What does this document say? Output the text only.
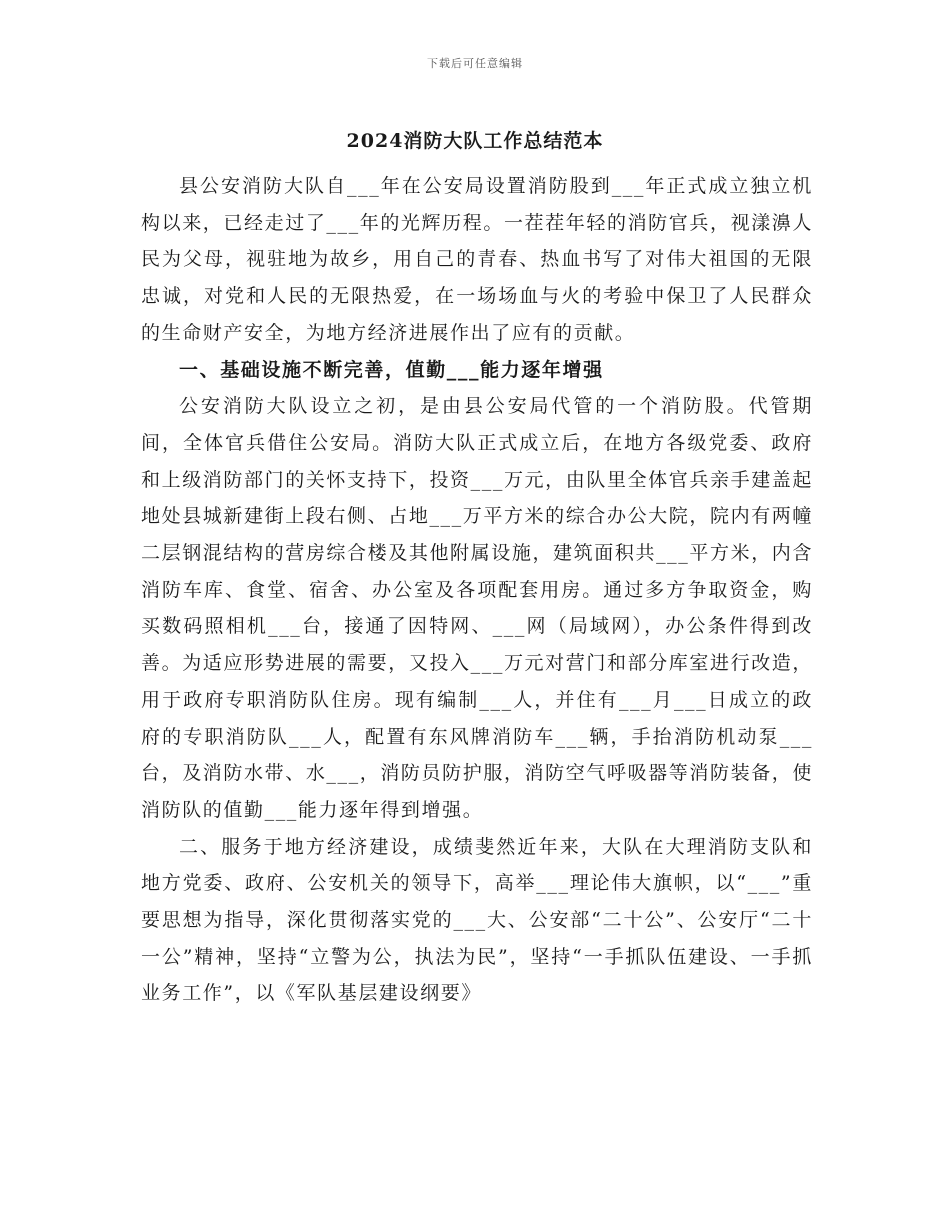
下载后可任意编辑
2024消防大队工作总结范本

县公安消防大队自___年在公安局设置消防股到___年正式成立独立机构以来，已经走过了___年的光辉历程。一茬茬年轻的消防官兵，视漾濞人民为父母，视驻地为故乡，用自己的青春、热血书写了对伟大祖国的无限忠诚，对党和人民的无限热爱，在一场场血与火的考验中保卫了人民群众的生命财产安全，为地方经济进展作出了应有的贡献。

一、基础设施不断完善，值勤___能力逐年增强

公安消防大队设立之初，是由县公安局代管的一个消防股。代管期间，全体官兵借住公安局。消防大队正式成立后，在地方各级党委、政府和上级消防部门的关怀支持下，投资___万元，由队里全体官兵亲手建盖起地处县城新建街上段右侧、占地___万平方米的综合办公大院，院内有两幢二层钢混结构的营房综合楼及其他附属设施，建筑面积共___平方米，内含消防车库、食堂、宿舍、办公室及各项配套用房。通过多方争取资金，购买数码照相机___台，接通了因特网、___网（局域网），办公条件得到改善。为适应形势进展的需要，又投入___万元对营门和部分库室进行改造，用于政府专职消防队住房。现有编制___人，并住有___月___日成立的政府的专职消防队___人，配置有东风牌消防车___辆，手抬消防机动泵___台，及消防水带、水___，消防员防护服，消防空气呼吸器等消防装备，使消防队的值勤___能力逐年得到增强。

二、服务于地方经济建设，成绩斐然近年来，大队在大理消防支队和地方党委、政府、公安机关的领导下，高举___理论伟大旗帜，以“___”重要思想为指导，深化贯彻落实党的___大、公安部“二十公”、公安厅“二十一公”精神，坚持“立警为公，执法为民”，坚持“一手抓队伍建设、一手抓业务工作”，以《军队基层建设纲要》
